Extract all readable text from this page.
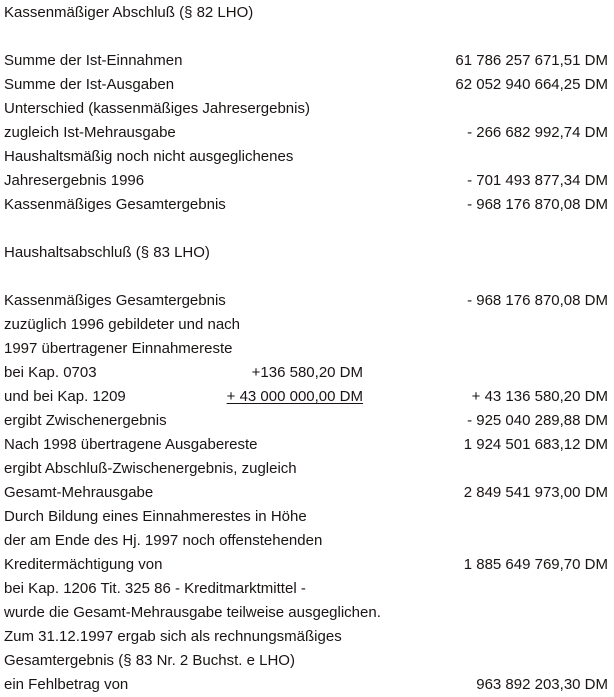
Kassenmäßiger Abschluß (§ 82 LHO)
Summe der Ist-Einnahmen	61 786 257 671,51 DM
Summe der Ist-Ausgaben	62 052 940 664,25 DM
Unterschied (kassenmäßiges Jahresergebnis)
zugleich Ist-Mehrausgabe	- 266 682 992,74 DM
Haushaltsmäßig noch nicht ausgeglichenes
Jahresergebnis 1996	- 701 493 877,34 DM
Kassenmäßiges Gesamtergebnis	- 968 176 870,08 DM
Haushaltsabschluß (§ 83 LHO)
Kassenmäßiges Gesamtergebnis	- 968 176 870,08 DM
zuzüglich 1996 gebildeter und nach
1997 übertragener Einnahmereste
bei Kap. 0703	+136 580,20 DM
und bei Kap. 1209	+ 43 000 000,00 DM	+ 43 136 580,20 DM
ergibt Zwischenergebnis	- 925 040 289,88 DM
Nach 1998 übertragene Ausgabereste	1 924 501 683,12 DM
ergibt Abschluß-Zwischenergebnis, zugleich
Gesamt-Mehrausgabe	2 849 541 973,00 DM
Durch Bildung eines Einnahmerestes in Höhe
der am Ende des Hj. 1997 noch offenstehenden
Kreditermächtigung von	1 885 649 769,70 DM
bei Kap. 1206 Tit. 325 86 - Kreditmarktmittel -
wurde die Gesamt-Mehrausgabe teilweise ausgeglichen.
Zum 31.12.1997 ergab sich als rechnungsmäßiges
Gesamtergebnis (§ 83 Nr. 2 Buchst. e LHO)
ein Fehlbetrag von	963 892 203,30 DM
